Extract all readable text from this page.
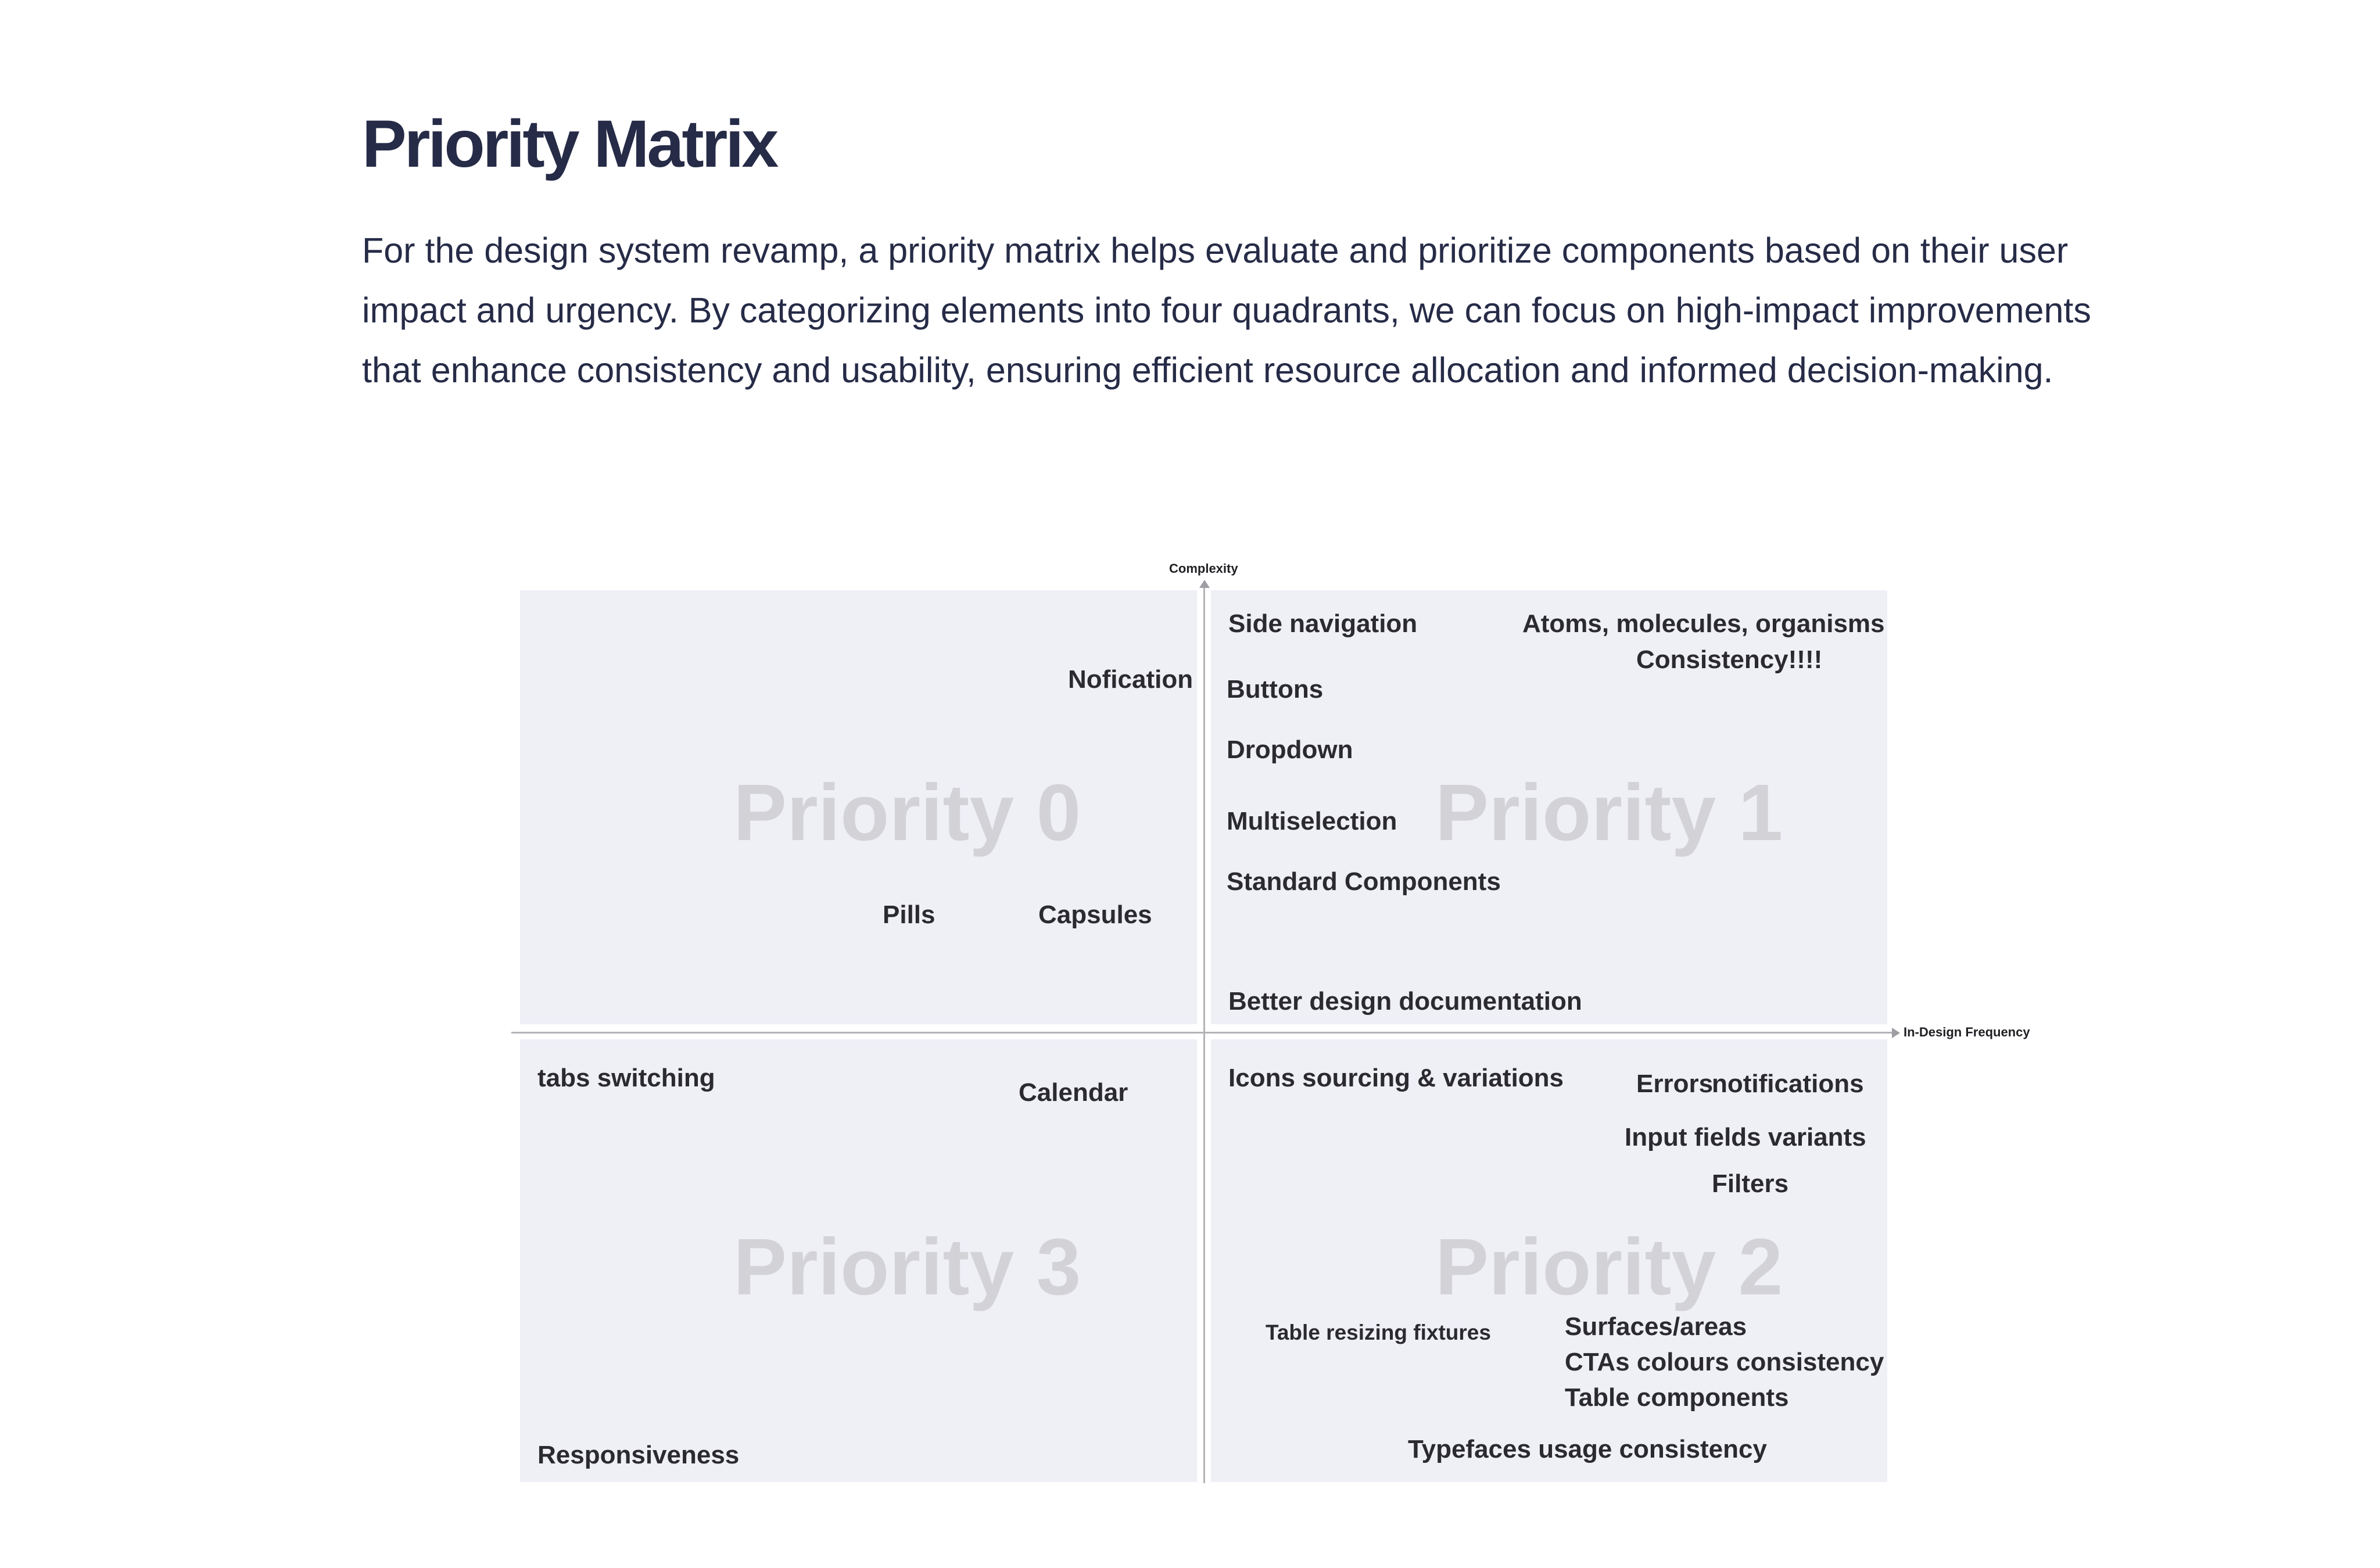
Priority Matrix

For the design system revamp, a priority matrix helps evaluate and prioritize components based on their user impact and urgency. By categorizing elements into four quadrants, we can focus on high-impact improvements that enhance consistency and usability, ensuring efficient resource allocation and informed decision-making.

Complexity
In-Design Frequency
Priority 0	Priority 1
Priority 3	Priority 2
Nofication
Pills	Capsules
Side navigation	Atoms, molecules, organisms
Consistency!!!!
Buttons
Dropdown
Multiselection
Standard Components
Better design documentation
tabs switching
Calendar
Responsiveness
Icons sourcing & variations	Errors
notifications
Input fields variants
Filters
Table resizing fixtures	Surfaces/areas
CTAs colours consistency
Table components
Typefaces usage consistency
